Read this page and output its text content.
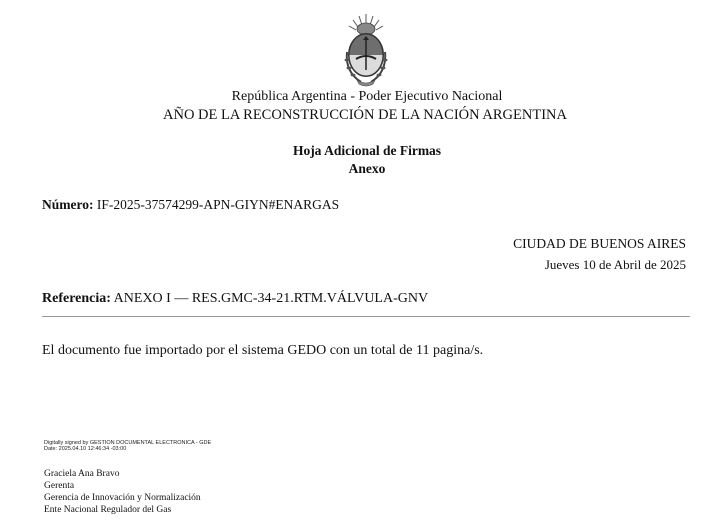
República Argentina - Poder Ejecutivo Nacional
AÑO DE LA RECONSTRUCCIÓN DE LA NACIÓN ARGENTINA
Hoja Adicional de Firmas
Anexo
Número: IF-2025-37574299-APN-GIYN#ENARGAS
CIUDAD DE BUENOS AIRES
Jueves 10 de Abril de 2025
Referencia: ANEXO I — RES.GMC-34-21.RTM.VÁLVULA-GNV
El documento fue importado por el sistema GEDO con un total de 11 pagina/s.
Digitally signed by GESTION DOCUMENTAL ELECTRONICA - GDE
Date: 2025.04.10 12:46:34 -03:00
Graciela Ana Bravo
Gerenta
Gerencia de Innovación y Normalización
Ente Nacional Regulador del Gas
